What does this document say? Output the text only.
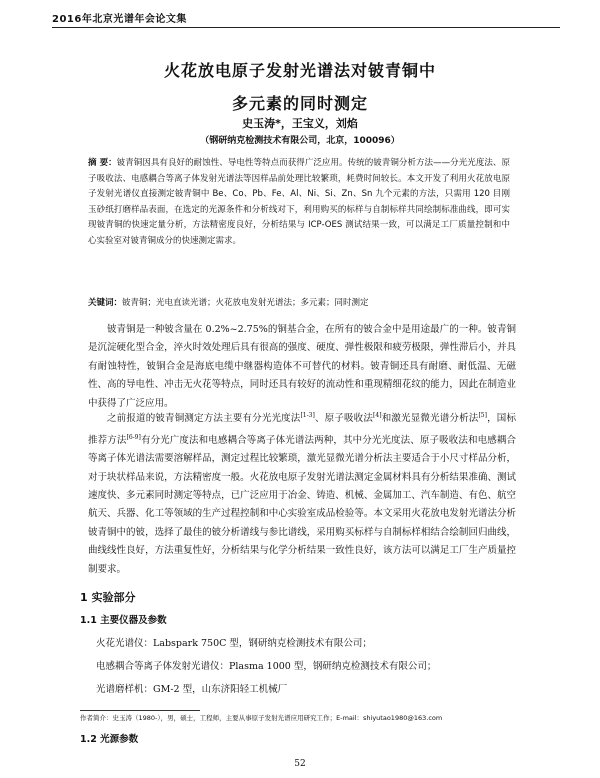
2016年北京光谱年会论文集
火花放电原子发射光谱法对铍青铜中
多元素的同时测定
史玉涛*，王宝义，刘焰
（钢研纳克检测技术有限公司，北京，100096）

摘 要：铍青铜因具有良好的耐蚀性、导电性等特点而获得广泛应用。传统的铍青铜分析方法——分光光度法、原子吸收法、电感耦合等离子体发射光谱法等因样品前处理比较繁琐，耗费时间较长。本文开发了利用火花放电原子发射光谱仪直接测定铍青铜中 Be、Co、Pb、Fe、Al、Ni、Si、Zn、Sn 九个元素的方法，只需用 120 目刚玉砂纸打磨样品表面，在选定的光源条件和分析线对下，利用购买的标样与自制标样共同绘制标准曲线，即可实现铍青铜的快速定量分析，方法精密度良好，分析结果与 ICP-OES 测试结果一致，可以满足工厂质量控制和中心实验室对铍青铜成分的快速测定需求。

关键词：铍青铜；光电直读光谱；火花放电发射光谱法；多元素；同时测定

铍青铜是一种铍含量在 0.2%~2.75%的铜基合金，在所有的铍合金中是用途最广的一种。铍青铜是沉淀硬化型合金，淬火时效处理后具有很高的强度、硬度、弹性极限和疲劳极限，弹性滞后小，并具有耐蚀特性，铍铜合金是海底电缆中继器构造体不可替代的材料。铍青铜还具有耐磨、耐低温、无磁性、高的导电性、冲击无火花等特点，同时还具有较好的流动性和重现精细花纹的能力，因此在制造业中获得了广泛应用。

之前报道的铍青铜测定方法主要有分光光度法[1-3]、原子吸收法[4]和激光显微光谱分析法[5]，国标推荐方法[6-9]有分光广度法和电感耦合等离子体光谱法两种，其中分光光度法、原子吸收法和电感耦合等离子体光谱法需要溶解样品，测定过程比较繁琐，激光显微光谱分析法主要适合于小尺寸样品分析，对于块状样品来说，方法精密度一般。火花放电原子发射光谱法测定金属材料具有分析结果准确、测试速度快、多元素同时测定等特点，已广泛应用于冶金、铸造、机械、金属加工、汽车制造、有色、航空航天、兵器、化工等领域的生产过程控制和中心实验室成品检验等。本文采用火花放电发射光谱法分析铍青铜中的铍，选择了最佳的铍分析谱线与参比谱线，采用购买标样与自制标样相结合绘制回归曲线，曲线线性良好，方法重复性好，分析结果与化学分析结果一致性良好，该方法可以满足工厂生产质量控制要求。

1 实验部分
1.1 主要仪器及参数
火花光谱仪：Labspark 750C 型，钢研纳克检测技术有限公司；
电感耦合等离子体发射光谱仪：Plasma 1000 型，钢研纳克检测技术有限公司；
光谱磨样机：GM-2 型，山东济阳轻工机械厂
作者简介：史玉涛（1980-），男，硕士，工程师，主要从事原子发射光谱应用研究工作；E-mail：shiyutao1980@163.com
1.2 光源参数
52
